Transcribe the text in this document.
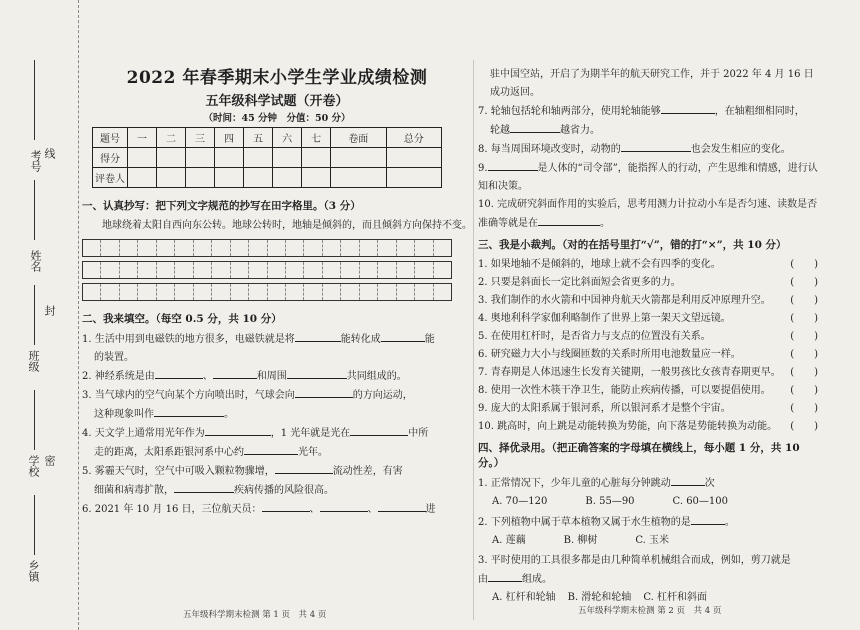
考号 线
姓名
封
班级
学校 密
乡镇
2022 年春季期末小学生学业成绩检测
五年级科学试题（开卷）
（时间：45 分钟　分值：50 分）
题号	一	二	三	四	五	六	七	卷面	总分
得分									
评卷人									
一、认真抄写：把下列文字规范的抄写在田字格里。（3 分）

地球绕着太阳自西向东公转。地球公转时，地轴是倾斜的，而且倾斜方向保持不变。

二、我来填空。（每空 0.5 分，共 10 分）

1. 生活中用到电磁铁的地方很多，电磁铁就是将	能转化成	能

的装置。

2. 神经系统是由	、	和周围	共同组成的。

3. 当气球内的空气向某个方向喷出时，气球会向	的方向运动，

这种现象叫作	。

4. 天文学上通常用光年作为	，1 光年就是光在	中所

走的距离，太阳系距银河系中心约	光年。

5. 雾霾天气时，空气中可吸入颗粒物骤增，	流动性差，有害

细菌和病毒扩散，	疾病传播的风险很高。

6. 2021 年 10 月 16 日，三位航天员：	、	、	进

五年级科学期末检测 第 1 页　共 4 页

驻中国空站，开启了为期半年的航天研究工作，并于 2022 年 4 月 16 日成功返回。

7. 轮轴包括轮和轴两部分，使用轮轴能够	，在轴粗细相同时，

轮越	越省力。

8. 每当周围环境改变时，动物的	也会发生相应的变化。

9.	是人体的“司令部”，能指挥人的行动，产生思维和情感，进行认知和决策。

10. 完成研究斜面作用的实验后，思考用测力计拉动小车是否匀速、读数是否准确等就是在	。

三、我是小裁判。（对的在括号里打“√”，错的打“×”，共 10 分）

1. 如果地轴不是倾斜的，地球上就不会有四季的变化。	(　　)

2. 只要是斜面长一定比斜面短会省更多的力。	(　　)

3. 我们制作的水火箭和中国神舟航天火箭都是利用反冲原理升空。 (　　)

4. 奥地利科学家伽利略制作了世界上第一架天文望远镜。	(　　)

5. 在使用杠杆时，是否省力与支点的位置没有关系。	(　　)

6. 研究磁力大小与线圈匝数的关系时所用电池数量应一样。	(　　)

7. 青春期是人体迅速生长发育关键期，一般男孩比女孩青春期更早。 (　　)

8. 使用一次性木筷干净卫生，能防止疾病传播，可以要提倡使用。 (　　)

9. 庞大的太阳系属于银河系，所以银河系才是整个宇宙。	(　　)

10. 跳高时，向上跳是动能转换为势能，向下落是势能转换为动能。 (　　)

四、择优录用。（把正确答案的字母填在横线上，每小题 1 分，共 10 分。）

1. 正常情况下，少年儿童的心脏每分钟跳动	次

A. 70—120	B. 55—90	C. 60—100

2. 下列植物中属于草本植物又属于水生植物的是	。

A. 莲藕	B. 柳树	C. 玉米

3. 平时使用的工具很多都是由几种简单机械组合而成，例如，剪刀就是

由	组成。

A. 杠杆和轮轴 B. 滑轮和轮轴 C. 杠杆和斜面
五年级科学期末检测 第 2 页　共 4 页
